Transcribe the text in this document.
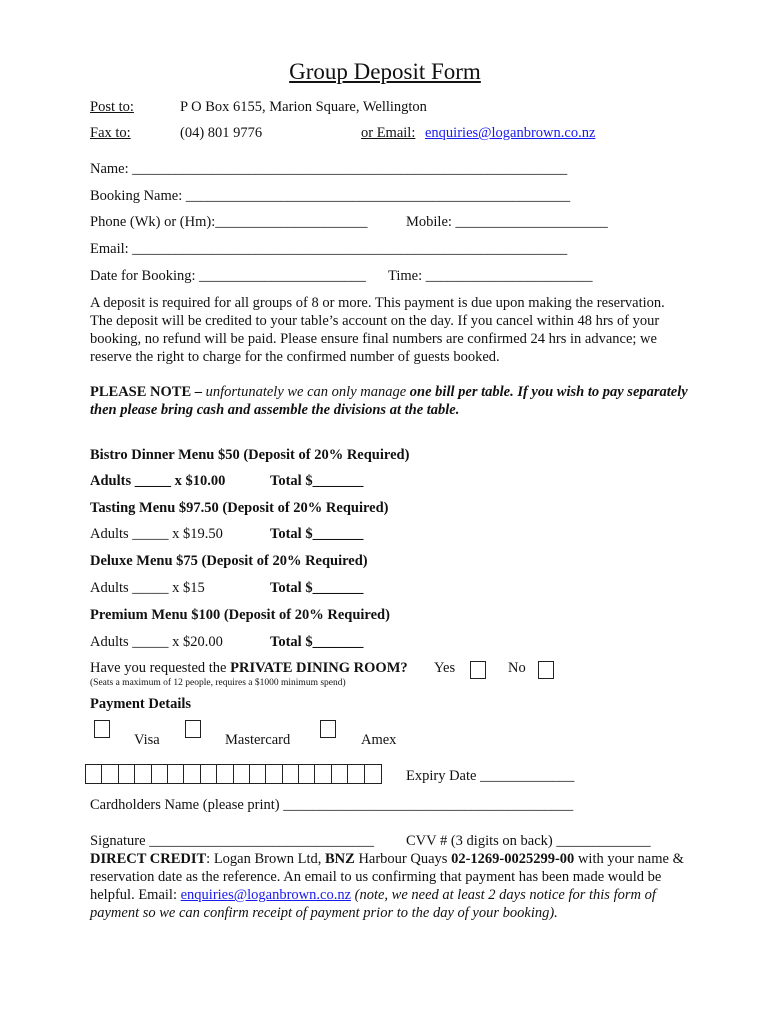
Group Deposit Form
Post to:	P O Box 6155, Marion Square, Wellington
Fax to:	(04) 801 9776	or Email: enquiries@loganbrown.co.nz
Name: ____________________________________________________________
Booking Name: _____________________________________________________
Phone (Wk) or (Hm):_____________________	Mobile: _____________________
Email: ____________________________________________________________
Date for Booking: _______________________ Time: _______________________
A deposit is required for all groups of 8 or more. This payment is due upon making the reservation. The deposit will be credited to your table’s account on the day. If you cancel within 48 hrs of your booking, no refund will be paid. Please ensure final numbers are confirmed 24 hrs in advance; we reserve the right to charge for the confirmed number of guests booked.
PLEASE NOTE – unfortunately we can only manage one bill per table. If you wish to pay separately then please bring cash and assemble the divisions at the table.
Bistro Dinner Menu $50 (Deposit of 20% Required)
Adults _____ x $10.00	Total $_______
Tasting Menu $97.50 (Deposit of 20% Required)
Adults _____ x $19.50	Total $_______
Deluxe Menu $75 (Deposit of 20% Required)
Adults _____ x $15	Total $_______
Premium Menu $100 (Deposit of 20% Required)
Adults _____ x $20.00	Total $_______
Have you requested the PRIVATE DINING ROOM? Yes	No
(Seats a maximum of 12 people, requires a $1000 minimum spend)
Payment Details
Visa	Mastercard	Amex
Expiry Date _____________
Cardholders Name (please print) ________________________________________
Signature _______________________________ CVV # (3 digits on back) _____________
DIRECT CREDIT: Logan Brown Ltd, BNZ Harbour Quays 02-1269-0025299-00 with your name & reservation date as the reference. An email to us confirming that payment has been made would be helpful. Email: enquiries@loganbrown.co.nz (note, we need at least 2 days notice for this form of payment so we can confirm receipt of payment prior to the day of your booking).
